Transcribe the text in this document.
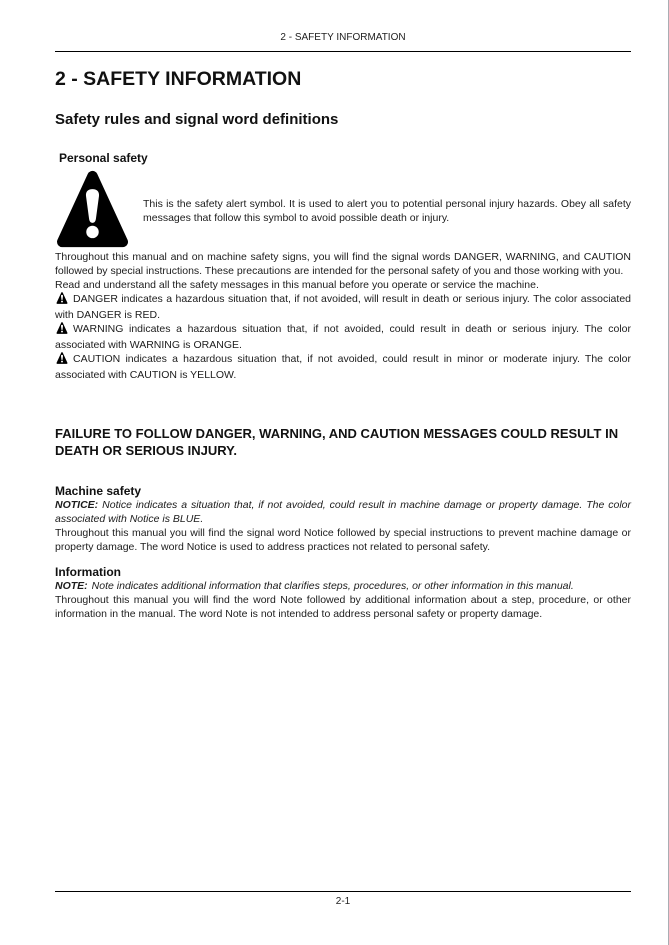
2 - SAFETY INFORMATION
2 - SAFETY INFORMATION
Safety rules and signal word definitions
Personal safety

This is the safety alert symbol. It is used to alert you to potential personal injury hazards. Obey all safety messages that follow this symbol to avoid possible death or injury.

Throughout this manual and on machine safety signs, you will find the signal words DANGER, WARNING, and CAUTION followed by special instructions. These precautions are intended for the personal safety of you and those working with you.

Read and understand all the safety messages in this manual before you operate or service the machine.

DANGER indicates a hazardous situation that, if not avoided, will result in death or serious injury. The color associated with DANGER is RED.

WARNING indicates a hazardous situation that, if not avoided, could result in death or serious injury. The color associated with WARNING is ORANGE.

CAUTION indicates a hazardous situation that, if not avoided, could result in minor or moderate injury. The color associated with CAUTION is YELLOW.

FAILURE TO FOLLOW DANGER, WARNING, AND CAUTION MESSAGES COULD RESULT IN DEATH OR SERIOUS INJURY.

Machine safety

NOTICE: Notice indicates a situation that, if not avoided, could result in machine damage or property damage. The color associated with Notice is BLUE.

Throughout this manual you will find the signal word Notice followed by special instructions to prevent machine damage or property damage. The word Notice is used to address practices not related to personal safety.

Information

NOTE: Note indicates additional information that clarifies steps, procedures, or other information in this manual.

Throughout this manual you will find the word Note followed by additional information about a step, procedure, or other information in the manual. The word Note is not intended to address personal safety or property damage.

2-1
